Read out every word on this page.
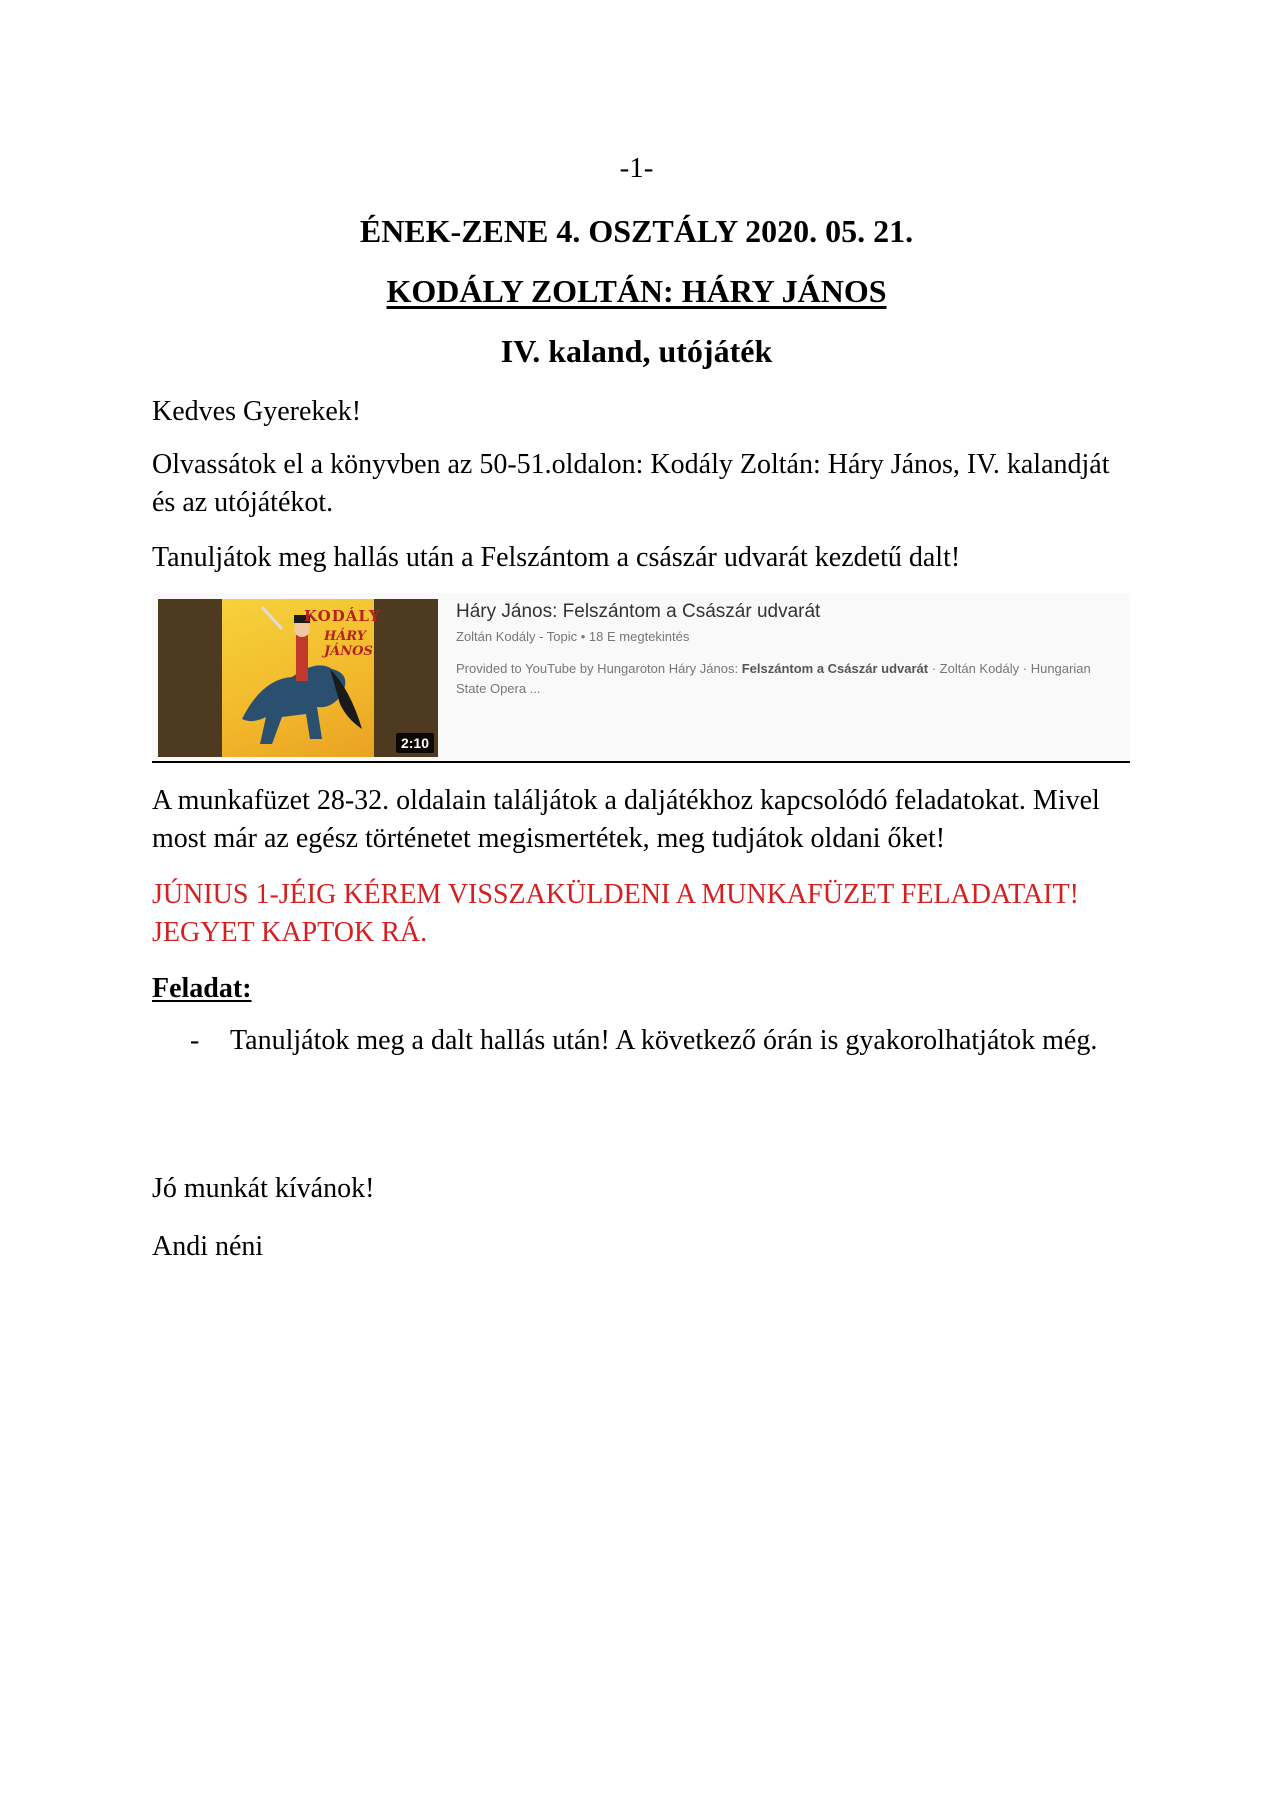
-1-
ÉNEK-ZENE 4. OSZTÁLY 2020. 05. 21.
KODÁLY ZOLTÁN: HÁRY JÁNOS
IV. kaland, utójáték

Kedves Gyerekek!

Olvassátok el a könyvben az 50-51.oldalon: Kodály Zoltán: Háry János, IV. kalandját és az utójátékot.

Tanuljátok meg hallás után a Felszántom a császár udvarát kezdetű dalt!

KODÁLY
HÁRY JÁNOS
2:10
Háry János: Felszántom a Császár udvarát
Zoltán Kodály - Topic • 18 E megtekintés
Provided to YouTube by Hungaroton Háry János: Felszántom a Császár udvarát · Zoltán Kodály · Hungarian State Opera ...

A munkafüzet 28-32. oldalain találjátok a daljátékhoz kapcsolódó feladatokat. Mivel most már az egész történetet megismertétek, meg tudjátok oldani őket!

JÚNIUS 1-JÉIG KÉREM VISSZAKÜLDENI A MUNKAFÜZET FELADATAIT! JEGYET KAPTOK RÁ.

Feladat:

-	Tanuljátok meg a dalt hallás után! A következő órán is gyakorolhatjátok még.

Jó munkát kívánok!

Andi néni
